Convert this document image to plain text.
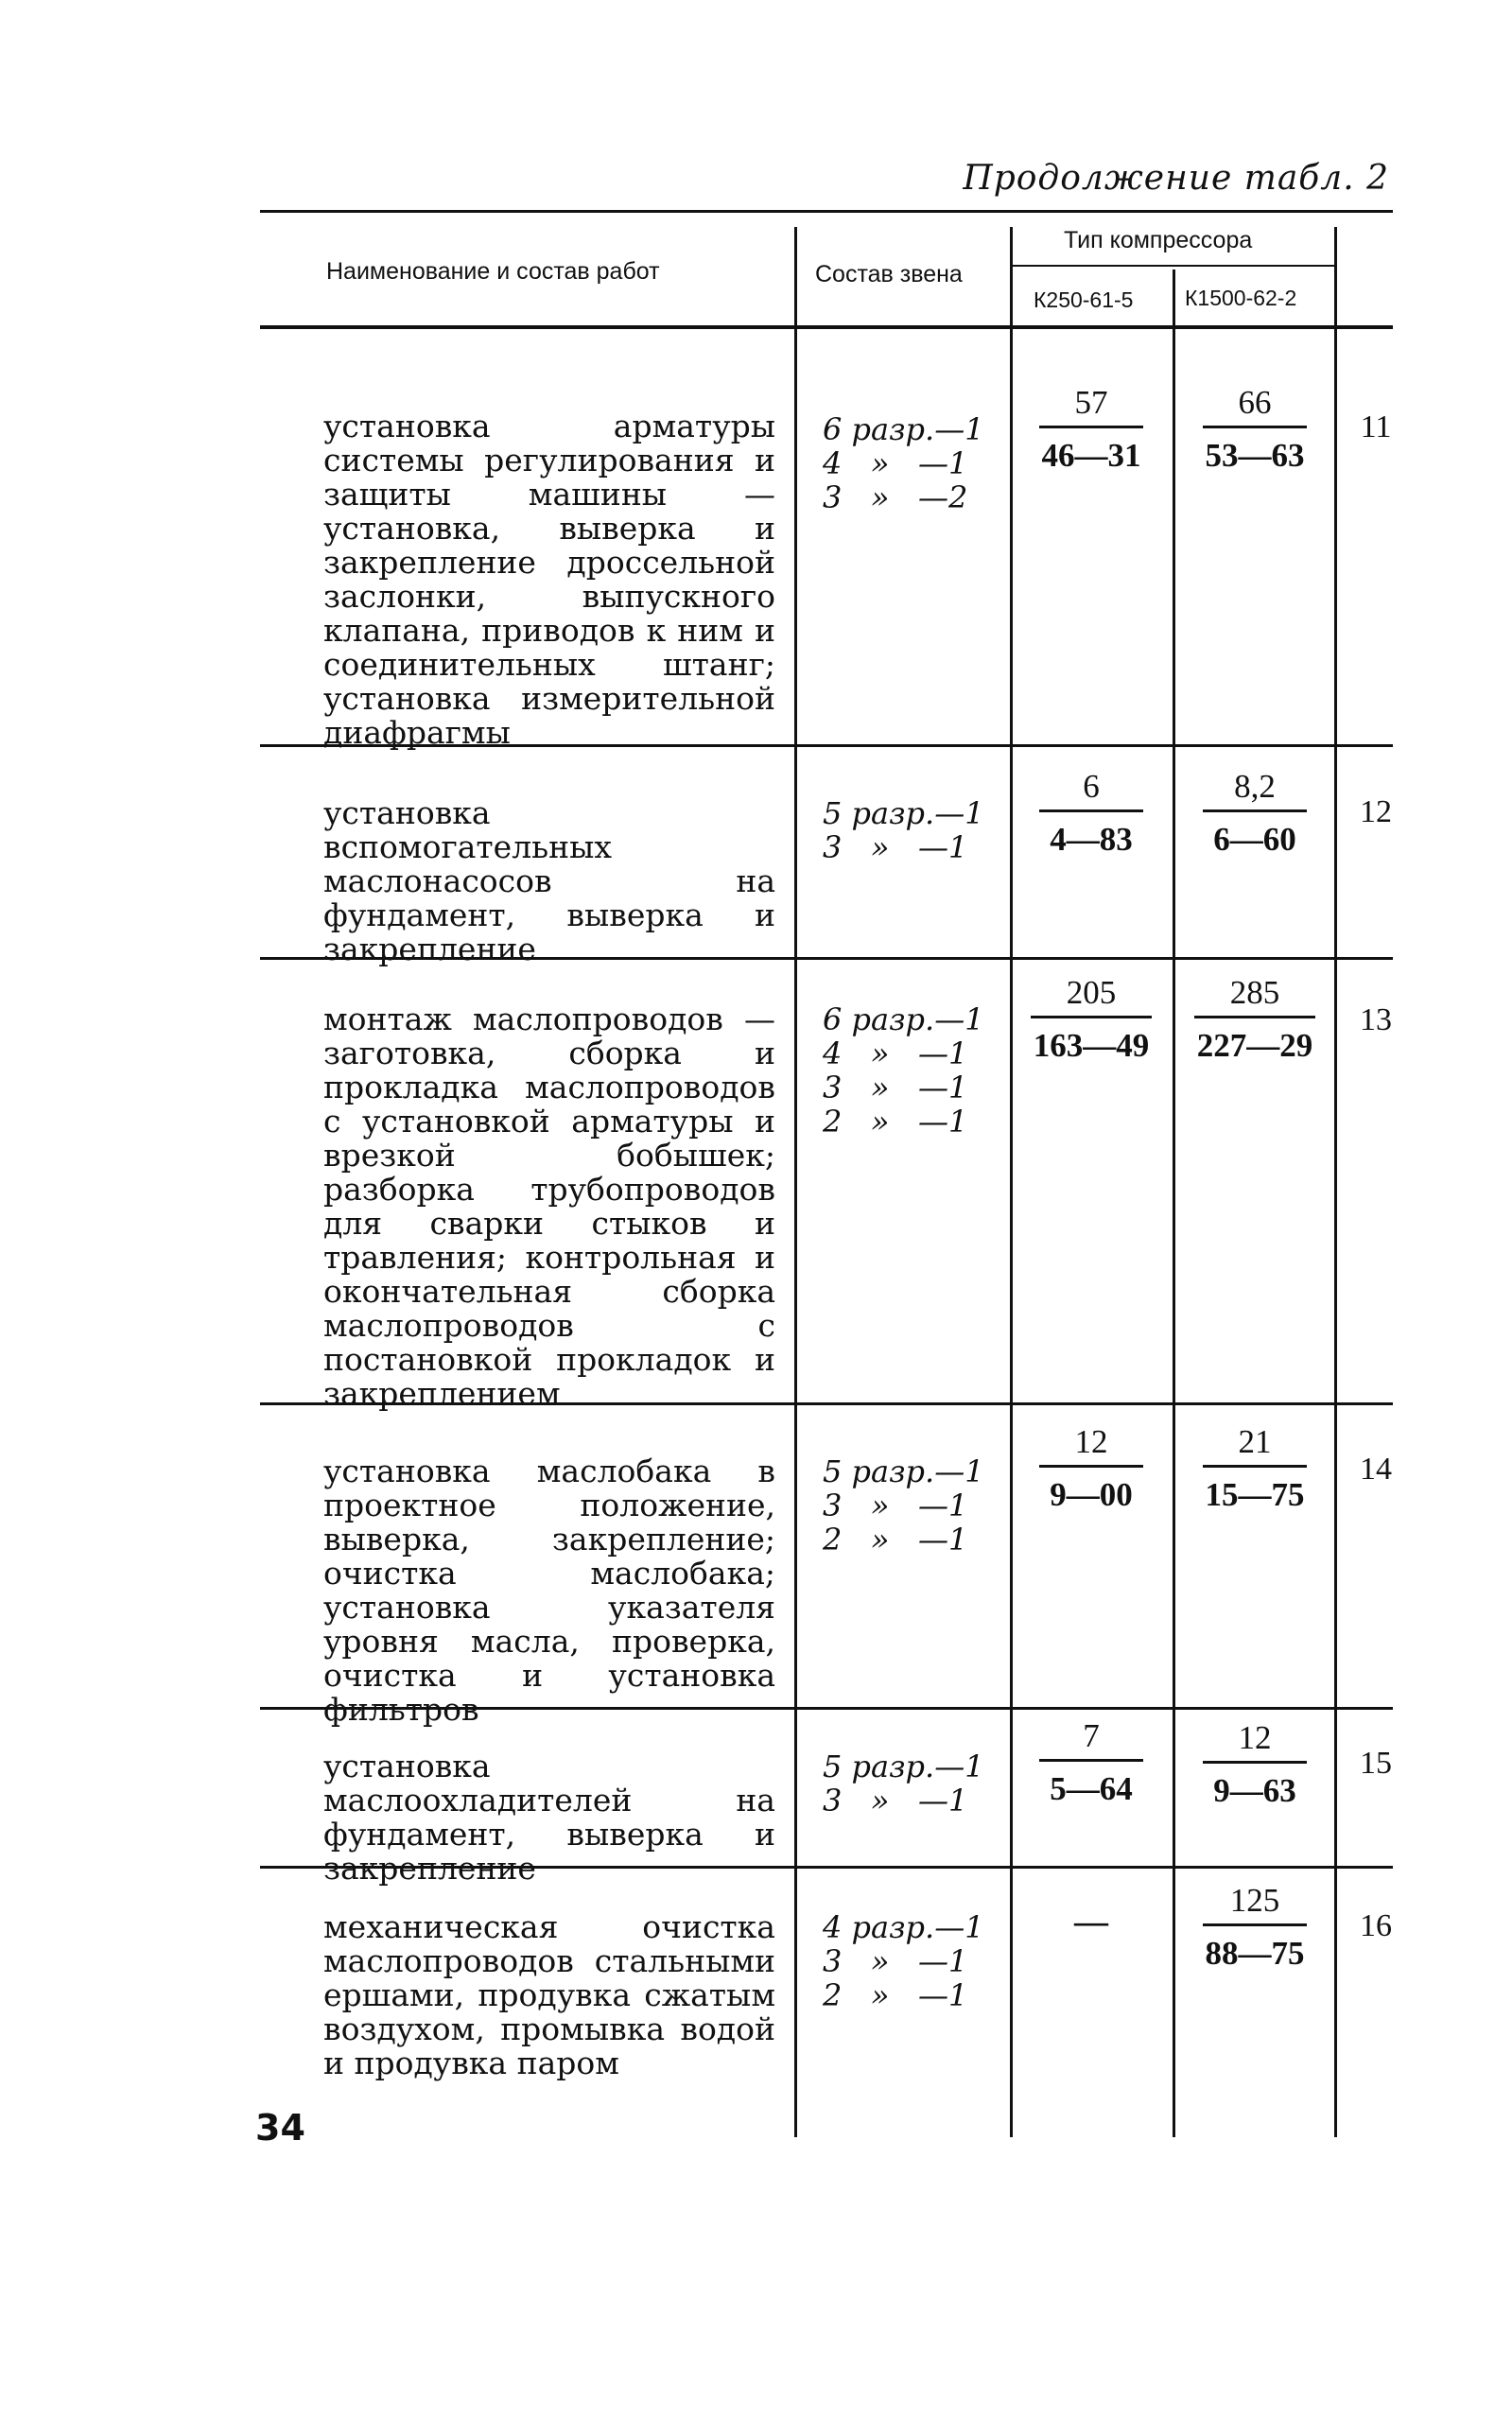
Продолжение табл. 2
Наименование и состав работ	Состав звена
Тип компрессора
К250-61-5 К1500-62-2
установка арматуры системы регулирования и защиты машины — установка, выверка и закрепление дроссельной заслонки, выпускного клапана, приводов к ним и соединительных штанг; установка измерительной диафрагмы
6 разр.—1
4   »   —1
3   »   —2
57
46—31
66
53—63
11
установка вспомогательных маслонасосов на фундамент, выверка и закрепление
5 разр.—1
3   »   —1
6
4—83
8,2
6—60
12
монтаж маслопроводов — заготовка, сборка и прокладка маслопроводов с установкой арматуры и врезкой бобышек; разборка трубопроводов для сварки стыков и травления; контрольная и окончательная сборка маслопроводов с постановкой прокладок и закреплением
6 разр.—1
4   »   —1
3   »   —1
2   »   —1
205
163—49
285
227—29
13
установка маслобака в проектное положение, выверка, закрепление; очистка маслобака; установка указателя уровня масла, проверка, очистка и установка фильтров
5 разр.—1
3   »   —1
2   »   —1
12
9—00
21
15—75
14
установка маслоохладителей на фундамент, выверка и закрепление
5 разр.—1
3   »   —1
7
5—64
12
9—63
15
механическая очистка маслопроводов стальными ершами, продувка сжатым воздухом, промывка водой и продувка паром
4 разр.—1
3   »   —1
2   »   —1
—
125
88—75
16
34
